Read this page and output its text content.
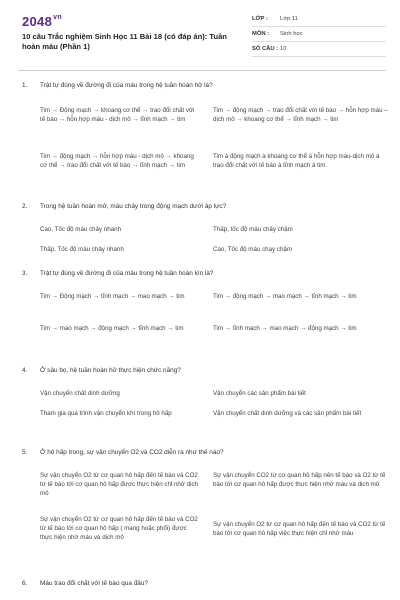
$2048^{vn}$
10 câu Trắc nghiệm Sinh Học 11 Bài 18 (có đáp án): Tuần hoàn máu (Phần 1)
LỚP :	Lớp 11
MÔN :	Sinh học
SỐ CÂU : 10
1. Trật tự đúng về đường đi của máu trong hệ tuần hoàn hở là?
Tim → Động mạch → khoang cơ thể → trao đổi chất với tế bào → hỗn hợp máu - dịch mô → tĩnh mạch → tim
Tim → động mạch → trao đổi chất với tế bào → hỗn hợp máu – dịch mô → khoang cơ thể → tĩnh mạch → tim
Tim → động mạch → hỗn hợp máu - dịch mô → khoang cơ thể → trao đổi chất với tế bào → tĩnh mạch → tim
Tim à động mạch à khoang cơ thể à hỗn hợp máu-dịch mô à trao đổi chất với tế bào à tĩnh mạch à tim.
2. Trong hệ tuần hoàn mở, máu chảy trong động mạch dưới áp lực?
Cao, Tốc độ máu chảy nhanh	Thấp, tốc độ máu chảy chậm
Thấp, Tốc độ máu chảy nhanh	Cao, Tốc độ máu chạy chậm
3. Trật tự đúng về đường đi của máu trong hệ tuần hoàn kín là?
Tim → Động mạch → tĩnh mạch → mao mạch → tim	Tim → động mạch → mao mạch → tĩnh mạch → tim
Tim → mao mạch → động mạch → tĩnh mạch → tim	Tim → tĩnh mạch → mao mạch → động mạch → tim
4. Ở sâu bọ, hệ tuần hoàn hở thực hiện chức năng?
Vận chuyển chất dinh dưỡng	Vận chuyển các sản phẩm bài tiết
Tham gia quá trình vận chuyển khí trong hô hấp	Vận chuyển chất dinh dưỡng và các sản phẩm bài tiết
5. Ở hô hấp trong, sự vận chuyển O2 và CO2 diễn ra như thế nào?
Sự vận chuyển O2 từ cơ quan hô hấp đến tế bào và CO2 từ tế bào tới cơ quan hô hấp được thực hiện chỉ nhờ dịch mô
Sự vận chuyển CO2 từ cơ quan hô hấp nên tế bào và O2 từ tế bào tới cơ quan hô hấp được thực hiện nhờ máu và dịch mô
Sự vận chuyển O2 từ cơ quan hô hấp đến tế bào và CO2 từ tế bào tới cơ quan hô hấp ( mang hoặc phổi) được thực hiện nhờ máu và dịch mô
Sự vận chuyển O2 từ cơ quan hô hấp đến tế bào và CO2 từ tế bào tới cơ quan hô hấp việc thực hiện chỉ nhờ máu
6. Máu trao đổi chất với tế bào qua đâu?
